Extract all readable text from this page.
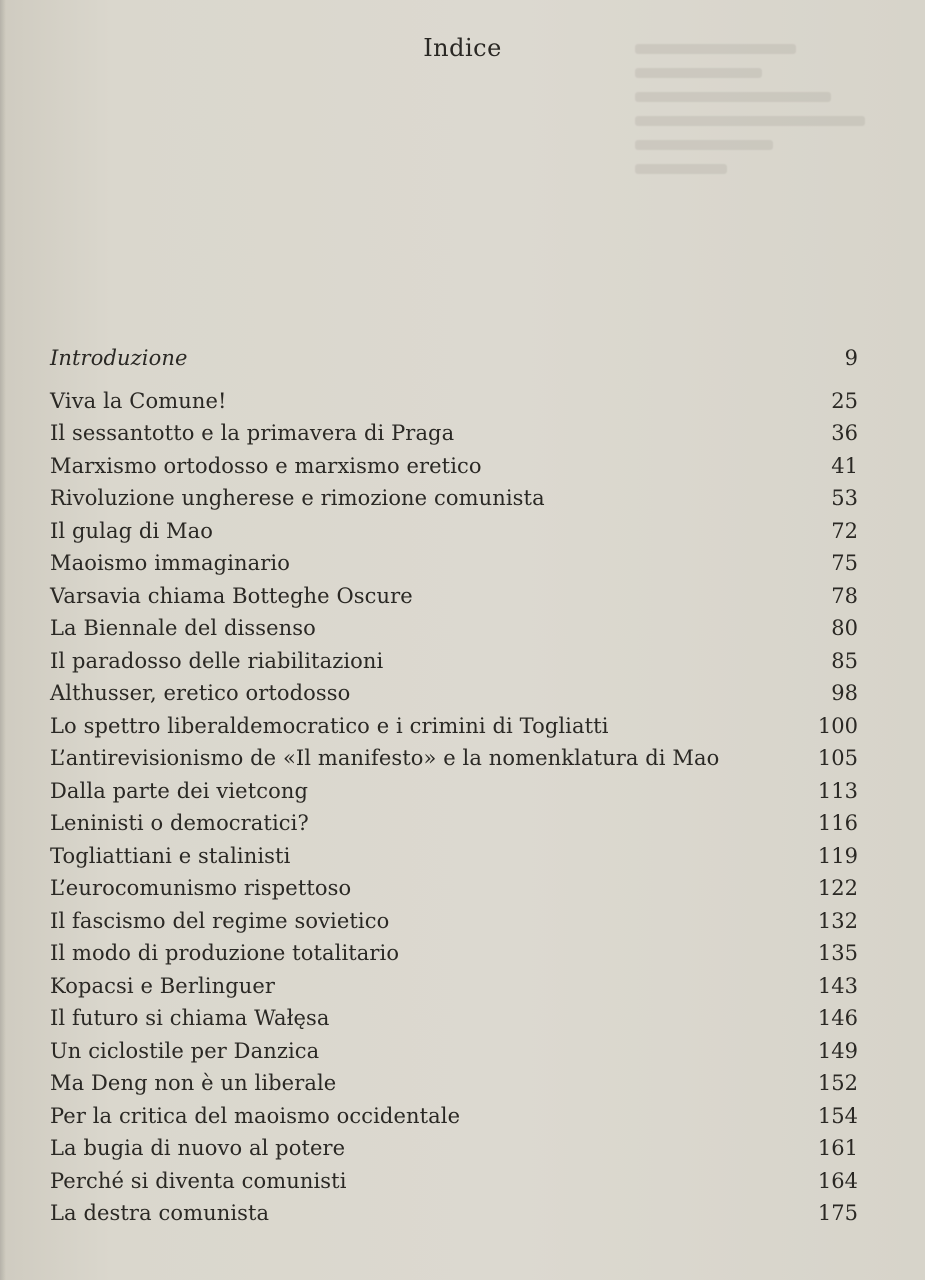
Indice
Introduzione	9
Viva la Comune!	25
Il sessantotto e la primavera di Praga	36
Marxismo ortodosso e marxismo eretico	41
Rivoluzione ungherese e rimozione comunista	53
Il gulag di Mao	72
Maoismo immaginario	75
Varsavia chiama Botteghe Oscure	78
La Biennale del dissenso	80
Il paradosso delle riabilitazioni	85
Althusser, eretico ortodosso	98
Lo spettro liberaldemocratico e i crimini di Togliatti	100
L’antirevisionismo de «Il manifesto» e la nomenklatura di Mao	105
Dalla parte dei vietcong	113
Leninisti o democratici?	116
Togliattiani e stalinisti	119
L’eurocomunismo rispettoso	122
Il fascismo del regime sovietico	132
Il modo di produzione totalitario	135
Kopacsi e Berlinguer	143
Il futuro si chiama Wałęsa	146
Un ciclostile per Danzica	149
Ma Deng non è un liberale	152
Per la critica del maoismo occidentale	154
La bugia di nuovo al potere	161
Perché si diventa comunisti	164
La destra comunista	175
